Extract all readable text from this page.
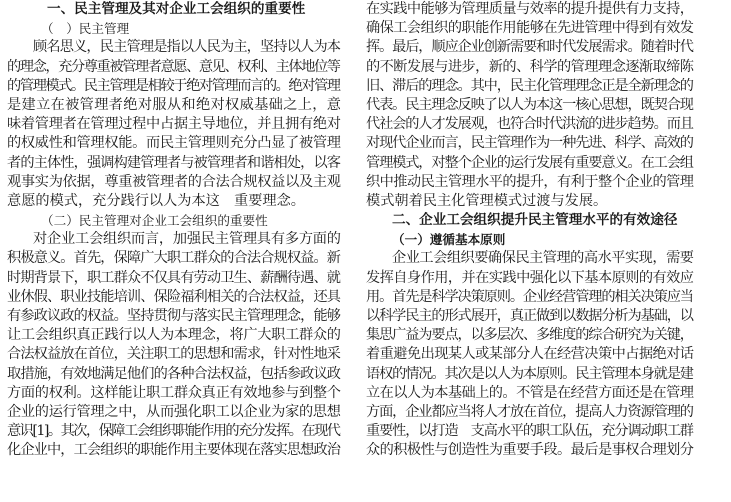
一、民主管理及其对企业工会组织的重要性
（　）民主管理
顾名思义，民主管理是指以人民为主，坚持以人为本
的理念，充分尊重被管理者意愿、意见、权利、主体地位等
的管理模式。民主管理是相较于绝对管理而言的。绝对管理
是建立在被管理者绝对服从和绝对权威基础之上，意
味着管理者在管理过程中占据主导地位，并且拥有绝对
的权威性和管理权能。而民主管理则充分凸显了被管理
者的主体性，强调构建管理者与被管理者和谐相处，以客
观事实为依据，尊重被管理者的合法合规权益以及主观
意愿的模式，充分践行以人为本这　重要理念。
（二）民主管理对企业工会组织的重要性
对企业工会组织而言，加强民主管理具有多方面的
积极意义。首先，保障广大职工群众的合法合规权益。新
时期背景下，职工群众不仅具有劳动卫生、薪酬待遇、就
业休假、职业技能培训、保险福利相关的合法权益，还具
有参政议政的权益。坚持贯彻与落实民主管理理念，能够
让工会组织真正践行以人为本理念，将广大职工群众的
合法权益放在首位，关注职工的思想和需求，针对性地采
取措施，有效地满足他们的各种合法权益，包括参政议政
方面的权利。这样能让职工群众真正有效地参与到整个
企业的运行管理之中，从而强化职工以企业为家的思想
意识[1]。其次，保障工会组织职能作用的充分发挥。在现代
化企业中，工会组织的职能作用主要体现在落实思想政治
在实践中能够为管理质量与效率的提升提供有力支持，
确保工会组织的职能作用能够在先进管理中得到有效发
挥。最后，顺应企业创新需要和时代发展需求。随着时代
的不断发展与进步，新的、科学的管理理念逐渐取缔陈
旧、滞后的理念。其中，民主化管理理念正是全新理念的
代表。民主理念反映了以人为本这一核心思想，既契合现
代社会的人才发展观，也符合时代洪流的进步趋势。而且
对现代企业而言，民主管理作为一种先进、科学、高效的
管理模式，对整个企业的运行发展有重要意义。在工会组
织中推动民主管理水平的提升，有利于整个企业的管理
模式朝着民主化管理模式过渡与发展。
二、企业工会组织提升民主管理水平的有效途径
（一）遵循基本原则
企业工会组织要确保民主管理的高水平实现，需要
发挥自身作用，并在实践中强化以下基本原则的有效应
用。首先是科学决策原则。企业经营管理的相关决策应当
以科学民主的形式展开，真正做到以数据分析为基础，以
集思广益为要点，以多层次、多维度的综合研究为关键，
着重避免出现某人或某部分人在经营决策中占据绝对话
语权的情况。其次是以人为本原则。民主管理本身就是建
立在以人为本基础上的。不管是在经营方面还是在管理
方面，企业都应当将人才放在首位，提高人力资源管理的
重要性，以打造　支高水平的职工队伍，充分调动职工群
众的积极性与创造性为重要手段。最后是事权合理划分
